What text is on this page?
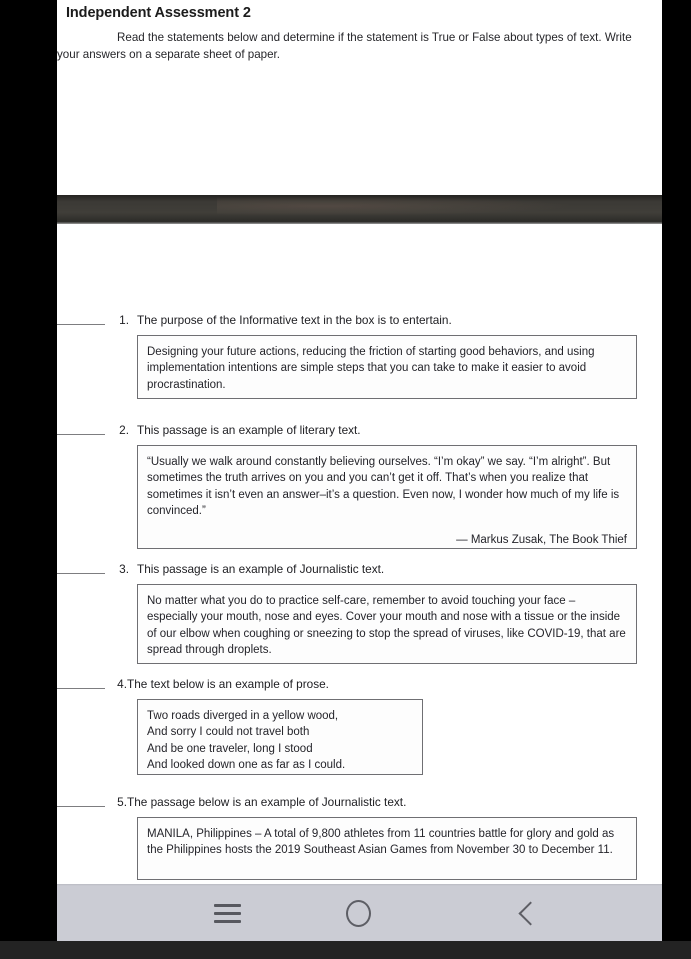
Independent Assessment 2
Read the statements below and determine if the statement is True or False about types of text. Write your answers on a separate sheet of paper.
1. The purpose of the Informative text in the box is to entertain.

Designing your future actions, reducing the friction of starting good behaviors, and using implementation intentions are simple steps that you can take to make it easier to avoid procrastination.

2. This passage is an example of literary text.

“Usually we walk around constantly believing ourselves. “I’m okay” we say. “I’m alright”. But sometimes the truth arrives on you and you can’t get it off. That’s when you realize that sometimes it isn’t even an answer–it’s a question. Even now, I wonder how much of my life is convinced.”

— Markus Zusak, The Book Thief

3. This passage is an example of Journalistic text.

No matter what you do to practice self-care, remember to avoid touching your face – especially your mouth, nose and eyes. Cover your mouth and nose with a tissue or the inside of our elbow when coughing or sneezing to stop the spread of viruses, like COVID-19, that are spread through droplets.

4. The text below is an example of prose.

Two roads diverged in a yellow wood,
And sorry I could not travel both
And be one traveler, long I stood
And looked down one as far as I could.

5. The passage below is an example of Journalistic text.

MANILA, Philippines – A total of 9,800 athletes from 11 countries battle for glory and gold as the Philippines hosts the 2019 Southeast Asian Games from November 30 to December 11.
